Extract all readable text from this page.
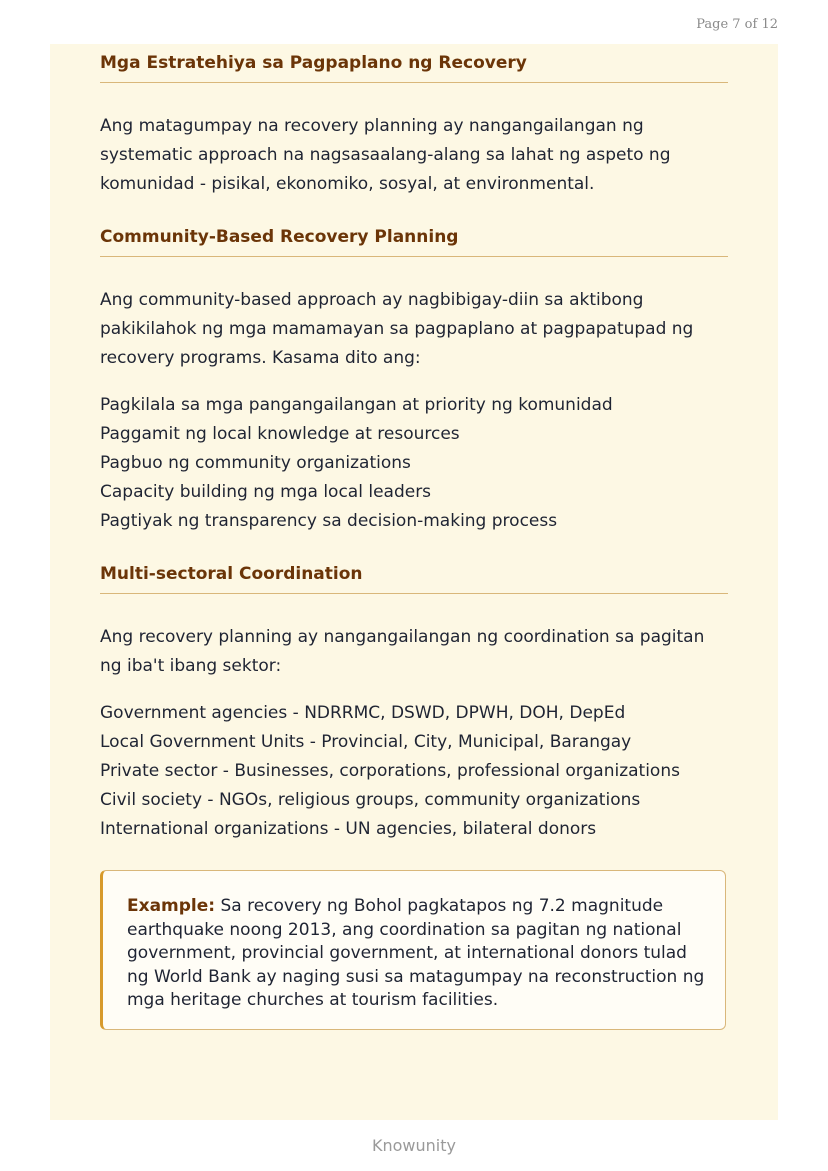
Page 7 of 12
Mga Estratehiya sa Pagpaplano ng Recovery

Ang matagumpay na recovery planning ay nangangailangan ng
systematic approach na nagsasaalang-alang sa lahat ng aspeto ng
komunidad - pisikal, ekonomiko, sosyal, at environmental.

Community-Based Recovery Planning

Ang community-based approach ay nagbibigay-diin sa aktibong
pakikilahok ng mga mamamayan sa pagpaplano at pagpapatupad ng
recovery programs. Kasama dito ang:

Pagkilala sa mga pangangailangan at priority ng komunidad
Paggamit ng local knowledge at resources
Pagbuo ng community organizations
Capacity building ng mga local leaders
Pagtiyak ng transparency sa decision-making process
Multi-sectoral Coordination

Ang recovery planning ay nangangailangan ng coordination sa pagitan
ng iba't ibang sektor:

Government agencies - NDRRMC, DSWD, DPWH, DOH, DepEd
Local Government Units - Provincial, City, Municipal, Barangay
Private sector - Businesses, corporations, professional organizations
Civil society - NGOs, religious groups, community organizations
International organizations - UN agencies, bilateral donors

Example: Sa recovery ng Bohol pagkatapos ng 7.2 magnitude earthquake noong 2013, ang coordination sa pagitan ng national government, provincial government, at international donors tulad ng World Bank ay naging susi sa matagumpay na reconstruction ng mga heritage churches at tourism facilities.

Knowunity
